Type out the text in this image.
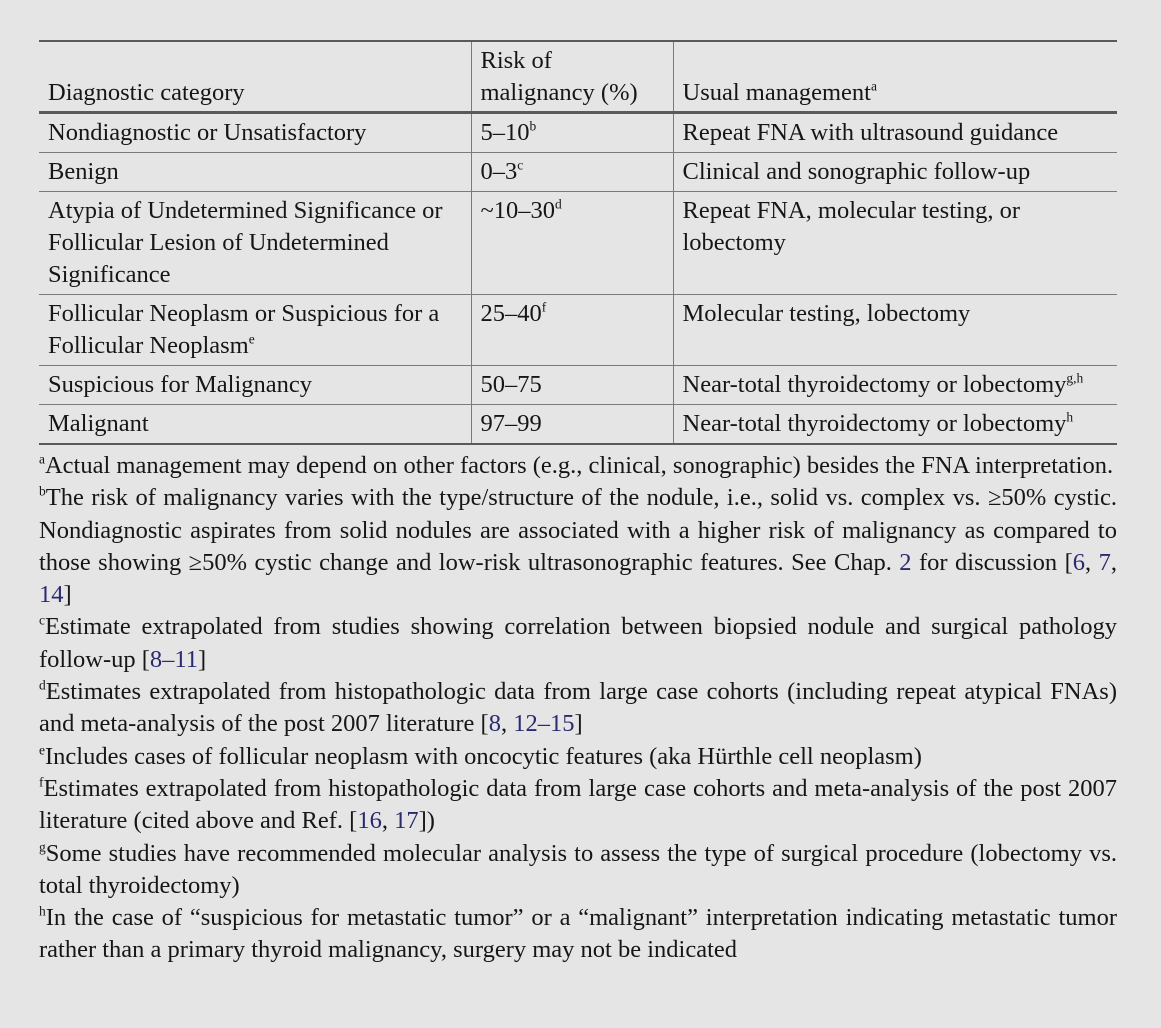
Diagnostic category	Risk of malignancy (%)	Usual management$^a$
Nondiagnostic or Unsatisfactory	5–10$^b$	Repeat FNA with ultrasound guidance
Benign	0–3$^c$	Clinical and sonographic follow-up
Atypia of Undetermined Significance or Follicular Lesion of Undetermined Significance	~10–30$^d$	Repeat FNA, molecular testing, or lobectomy
Follicular Neoplasm or Suspicious for a Follicular Neoplasm$^e$	25–40$^f$	Molecular testing, lobectomy
Suspicious for Malignancy	50–75	Near-total thyroidectomy or lobectomy$^{g,h}$
Malignant	97–99	Near-total thyroidectomy or lobectomy$^h$

$^a$Actual management may depend on other factors (e.g., clinical, sonographic) besides the FNA interpretation.

$^b$The risk of malignancy varies with the type/structure of the nodule, i.e., solid vs. complex vs. ≥50% cystic. Nondiagnostic aspirates from solid nodules are associated with a higher risk of malignancy as compared to those showing ≥50% cystic change and low-risk ultrasonographic features. See Chap. 2 for discussion [6, 7, 14]

$^c$Estimate extrapolated from studies showing correlation between biopsied nodule and surgical pathology follow-up [8–11]

$^d$Estimates extrapolated from histopathologic data from large case cohorts (including repeat atypical FNAs) and meta-analysis of the post 2007 literature [8, 12–15]

$^e$Includes cases of follicular neoplasm with oncocytic features (aka Hürthle cell neoplasm)

$^f$Estimates extrapolated from histopathologic data from large case cohorts and meta-analysis of the post 2007 literature (cited above and Ref. [16, 17])

$^g$Some studies have recommended molecular analysis to assess the type of surgical procedure (lobectomy vs. total thyroidectomy)

$^h$In the case of “suspicious for metastatic tumor” or a “malignant” interpretation indicating metastatic tumor rather than a primary thyroid malignancy, surgery may not be indicated
